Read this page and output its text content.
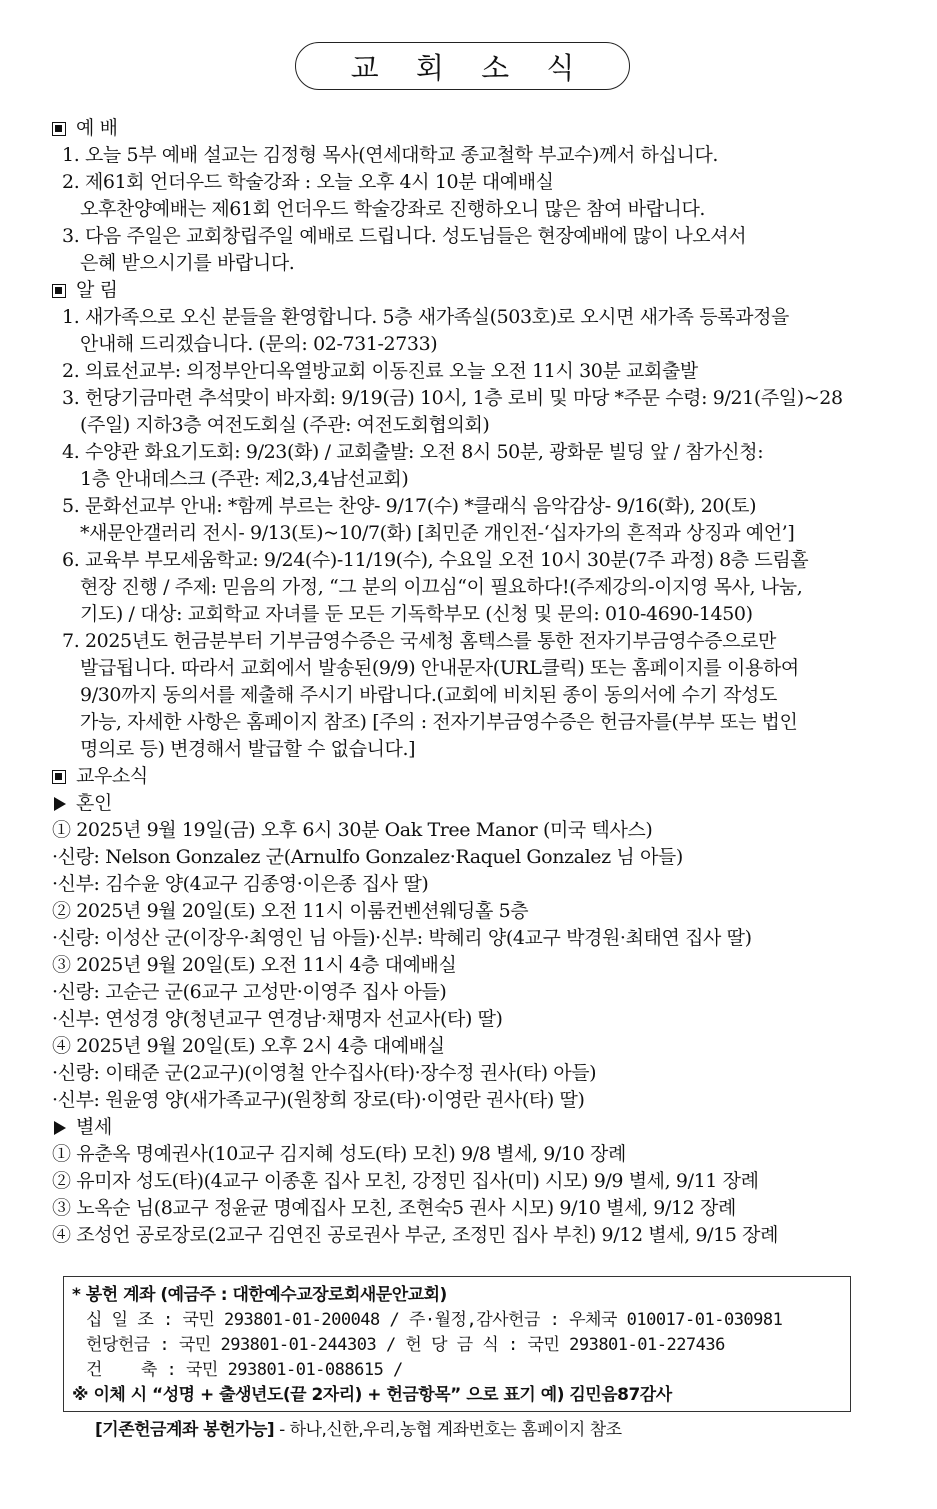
교 회 소 식
예 배
1. 오늘 5부 예배 설교는 김정형 목사(연세대학교 종교철학 부교수)께서 하십니다.
2. 제61회 언더우드 학술강좌 : 오늘 오후 4시 10분 대예배실
오후찬양예배는 제61회 언더우드 학술강좌로 진행하오니 많은 참여 바랍니다.
3. 다음 주일은 교회창립주일 예배로 드립니다. 성도님들은 현장예배에 많이 나오셔서
은혜 받으시기를 바랍니다.
알 림
1. 새가족으로 오신 분들을 환영합니다. 5층 새가족실(503호)로 오시면 새가족 등록과정을
안내해 드리겠습니다. (문의: 02-731-2733)
2. 의료선교부: 의정부안디옥열방교회 이동진료 오늘 오전 11시 30분 교회출발
3. 헌당기금마련 추석맞이 바자회: 9/19(금) 10시, 1층 로비 및 마당 *주문 수령: 9/21(주일)~28
(주일) 지하3층 여전도회실 (주관: 여전도회협의회)
4. 수양관 화요기도회: 9/23(화) / 교회출발: 오전 8시 50분, 광화문 빌딩 앞 / 참가신청:
1층 안내데스크 (주관: 제2,3,4남선교회)
5. 문화선교부 안내: *함께 부르는 찬양- 9/17(수) *클래식 음악감상- 9/16(화), 20(토)
*새문안갤러리 전시- 9/13(토)~10/7(화) [최민준 개인전-‘십자가의 흔적과 상징과 예언’]
6. 교육부 부모세움학교: 9/24(수)-11/19(수), 수요일 오전 10시 30분(7주 과정) 8층 드림홀
현장 진행 / 주제: 믿음의 가정, “그 분의 이끄심“이 필요하다!(주제강의-이지영 목사, 나눔,
기도) / 대상: 교회학교 자녀를 둔 모든 기독학부모 (신청 및 문의: 010-4690-1450)
7. 2025년도 헌금분부터 기부금영수증은 국세청 홈텍스를 통한 전자기부금영수증으로만
발급됩니다. 따라서 교회에서 발송된(9/9) 안내문자(URL클릭) 또는 홈페이지를 이용하여
9/30까지 동의서를 제출해 주시기 바랍니다.(교회에 비치된 종이 동의서에 수기 작성도
가능, 자세한 사항은 홈페이지 참조) [주의 : 전자기부금영수증은 헌금자를(부부 또는 법인
명의로 등) 변경해서 발급할 수 없습니다.]
교우소식
혼인
① 2025년 9월 19일(금) 오후 6시 30분 Oak Tree Manor (미국 텍사스)
·신랑: Nelson Gonzalez 군(Arnulfo Gonzalez·Raquel Gonzalez 님 아들)
·신부: 김수윤 양(4교구 김종영·이은종 집사 딸)
② 2025년 9월 20일(토) 오전 11시 이룸컨벤션웨딩홀 5층
·신랑: 이성산 군(이장우·최영인 님 아들)·신부: 박혜리 양(4교구 박경원·최태연 집사 딸)
③ 2025년 9월 20일(토) 오전 11시 4층 대예배실
·신랑: 고순근 군(6교구 고성만·이영주 집사 아들)
·신부: 연성경 양(청년교구 연경남·채명자 선교사(타) 딸)
④ 2025년 9월 20일(토) 오후 2시 4층 대예배실
·신랑: 이태준 군(2교구)(이영철 안수집사(타)·장수정 권사(타) 아들)
·신부: 원윤영 양(새가족교구)(원창희 장로(타)·이영란 권사(타) 딸)
별세
① 유춘옥 명예권사(10교구 김지혜 성도(타) 모친) 9/8 별세, 9/10 장례
② 유미자 성도(타)(4교구 이종훈 집사 모친, 강정민 집사(미) 시모) 9/9 별세, 9/11 장례
③ 노옥순 님(8교구 정윤균 명예집사 모친, 조현숙5 권사 시모) 9/10 별세, 9/12 장례
④ 조성언 공로장로(2교구 김연진 공로권사 부군, 조정민 집사 부친) 9/12 별세, 9/15 장례
* 봉헌 계좌 (예금주 : 대한예수교장로회새문안교회)
십 일 조 : 국민 293801-01-200048 / 주·월정,감사헌금 : 우체국 010017-01-030981
헌당헌금 : 국민 293801-01-244303 / 헌 당 금 식 : 국민 293801-01-227436
건    축 : 국민 293801-01-088615 /
※ 이체 시 “성명 + 출생년도(끝 2자리) + 헌금항목” 으로 표기 예) 김민음87감사
[기존헌금계좌 봉헌가능] - 하나,신한,우리,농협 계좌번호는 홈페이지 참조
